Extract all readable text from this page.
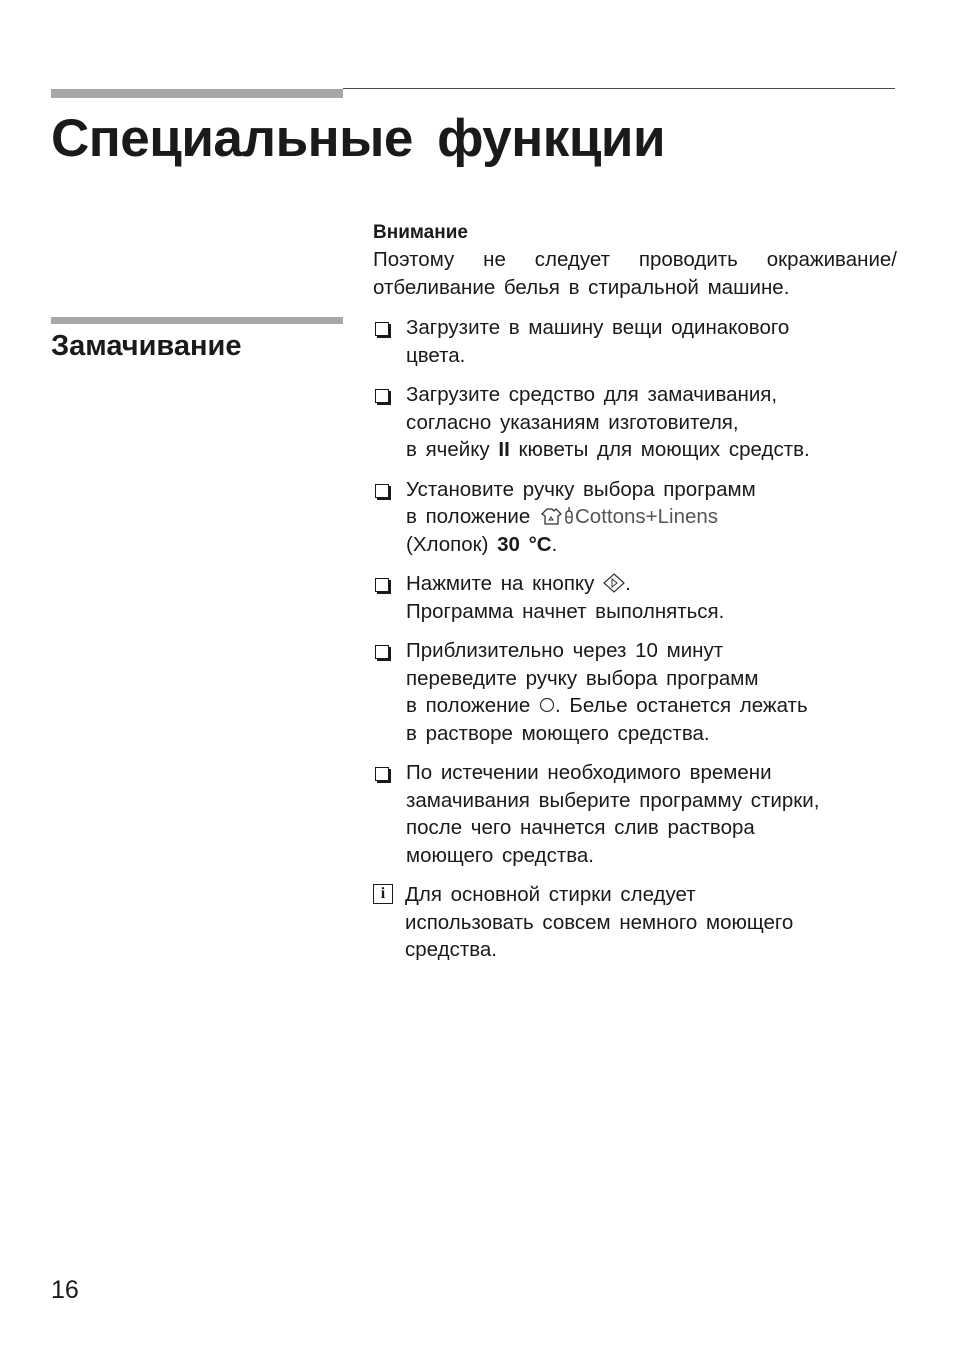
Специальные функции
Замачивание
Внимание

Поэтому не следует проводить окраживание/ отбеливание белья в стиральной машине.

Загрузите в машину вещи одинакового
цвета.
Загрузите средство для замачивания,
согласно указаниям изготовителя,
в ячейку II кюветы для моющих средств.
Установите ручку выбора программ
в положение Cottons+Linens
(Хлопок) 30 °C.
Нажмите на кнопку .
Программа начнет выполняться.
Приблизительно через 10 минут
переведите ручку выбора программ
в положение . Белье останется лежать
в растворе моющего средства.
По истечении необходимого времени
замачивания выберите программу стирки,
после чего начнется слив раствора
моющего средства.
i Для основной стирки следует
использовать совсем немного моющего
средства.

16
